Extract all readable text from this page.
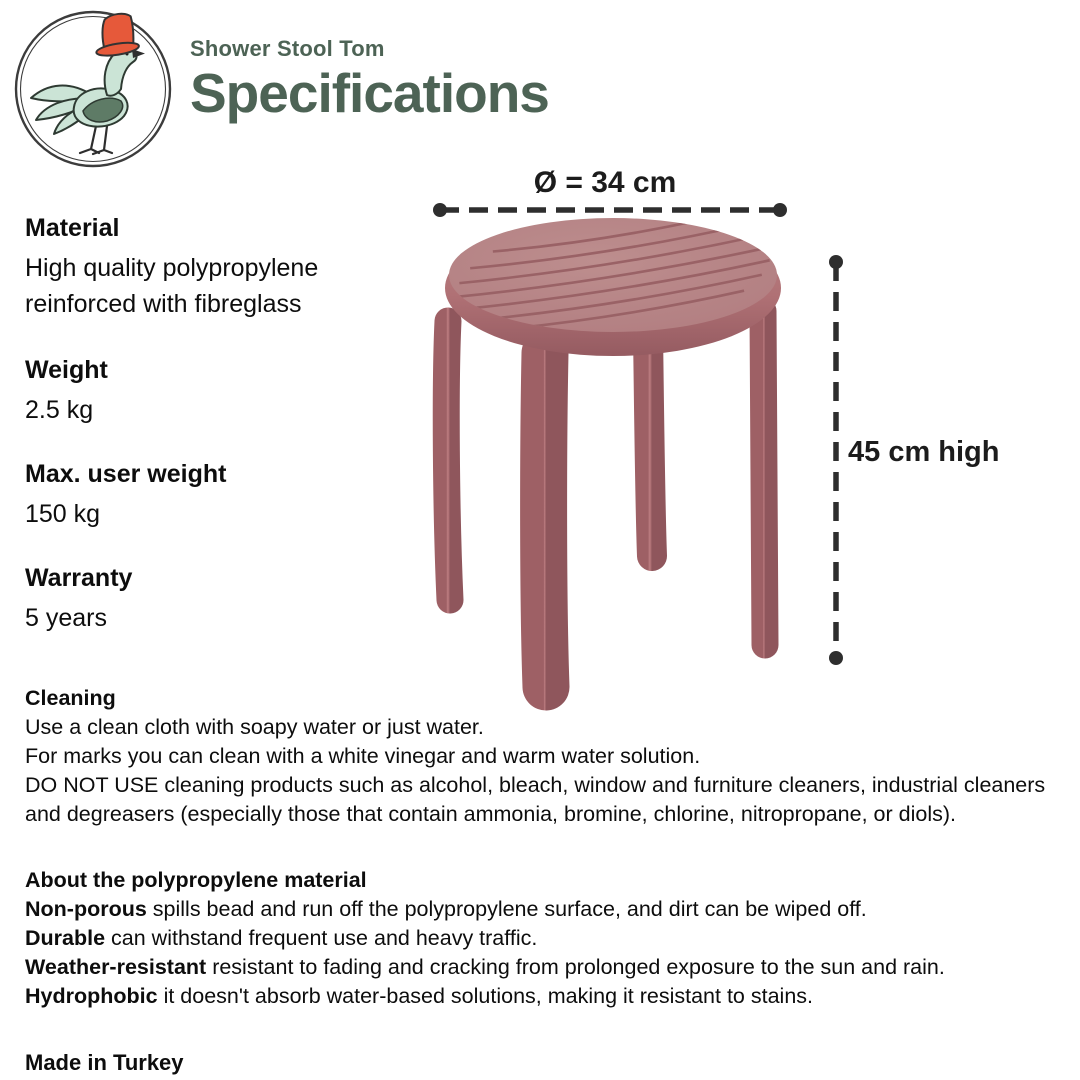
Shower Stool Tom
Specifications
Material
High quality polypropylene reinforced with fibreglass
Weight
2.5 kg
Max. user weight
150 kg
Warranty
5 years
Ø = 34 cm
45 cm high
Cleaning
Use a clean cloth with soapy water or just water.
For marks you can clean with a white vinegar and warm water solution.
DO NOT USE cleaning products such as alcohol, bleach, window and furniture cleaners, industrial cleaners and degreasers (especially those that contain ammonia, bromine, chlorine, nitropropane, or diols).
About the polypropylene material
Non-porous spills bead and run off the polypropylene surface, and dirt can be wiped off.
Durable can withstand frequent use and heavy traffic.
Weather-resistant resistant to fading and cracking from prolonged exposure to the sun and rain.
Hydrophobic it doesn't absorb water-based solutions, making it resistant to stains.
Made in Turkey
